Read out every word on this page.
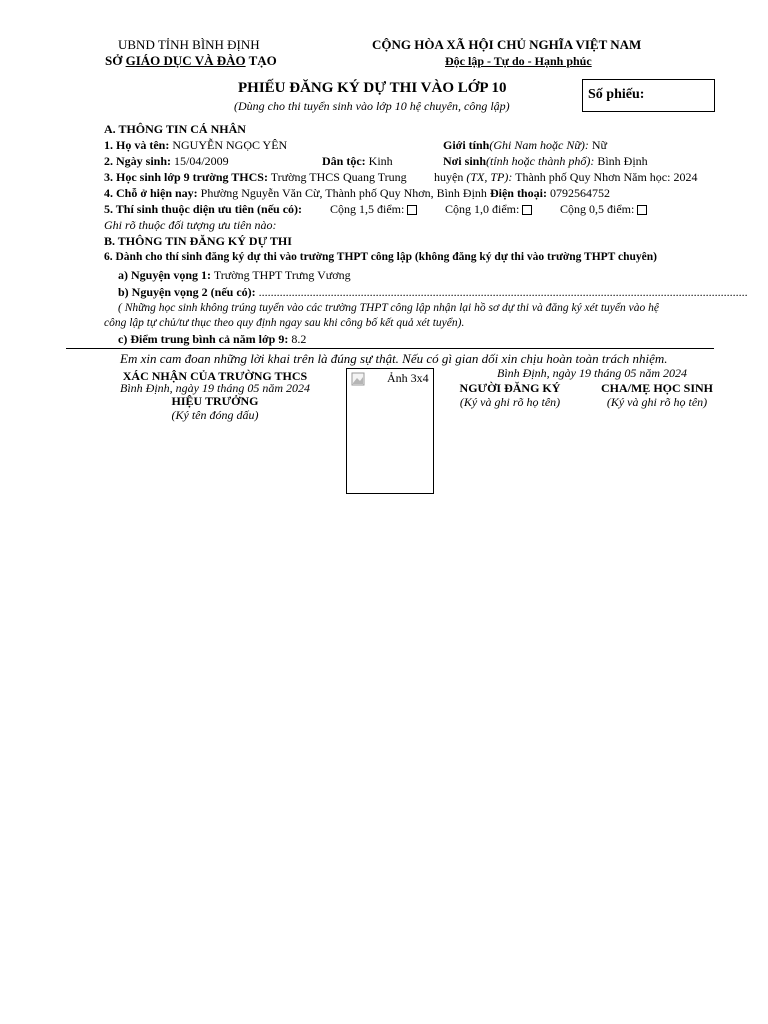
UBND TỈNH BÌNH ĐỊNH
SỞ GIÁO DỤC VÀ ĐÀO TẠO
CỘNG HÒA XÃ HỘI CHỦ NGHĨA VIỆT NAM
Độc lập - Tự do - Hạnh phúc
PHIẾU ĐĂNG KÝ DỰ THI VÀO LỚP 10
(Dùng cho thi tuyển sinh vào lớp 10 hệ chuyên, công lập)
Số phiếu:
A. THÔNG TIN CÁ NHÂN
1. Họ và tên: NGUYỄN NGỌC YÊN	Giới tính(Ghi Nam hoặc Nữ): Nữ
2. Ngày sinh: 15/04/2009	Dân tộc: Kinh	Nơi sinh(tỉnh hoặc thành phố): Bình Định
3. Học sinh lớp 9 trường THCS: Trường THCS Quang Trung huyện (TX, TP): Thành phố Quy Nhơn Năm học: 2024
4. Chỗ ở hiện nay: Phường Nguyễn Văn Cừ, Thành phố Quy Nhơn, Bình Định Điện thoại: 0792564752
5. Thí sinh thuộc diện ưu tiên (nếu có): Cộng 1,5 điểm:	Cộng 1,0 điểm:	Cộng 0,5 điểm:
Ghi rõ thuộc đối tượng ưu tiên nào:
B. THÔNG TIN ĐĂNG KÝ DỰ THI
6. Dành cho thí sinh đăng ký dự thi vào trường THPT công lập (không đăng ký dự thi vào trường THPT chuyên)
a) Nguyện vọng 1: Trường THPT Trưng Vương
b) Nguyện vọng 2 (nếu có): ...................................................................................................................................................................
( Những học sinh không trúng tuyển vào các trường THPT công lập nhận lại hồ sơ dự thi và đăng ký xét tuyển vào hệ
công lập tự chủ/tư thục theo quy định ngay sau khi công bố kết quả xét tuyển).
c) Điểm trung bình cả năm lớp 9: 8.2
Em xin cam đoan những lời khai trên là đúng sự thật. Nếu có gì gian dối xin chịu hoàn toàn trách nhiệm.
XÁC NHẬN CỦA TRƯỜNG THCS
Bình Định, ngày 19 tháng 05 năm 2024
HIỆU TRƯỞNG
(Ký tên đóng dấu)
Ảnh 3x4	Bình Định, ngày 19 tháng 05 năm 2024
NGƯỜI ĐĂNG KÝ
(Ký và ghi rõ họ tên)
CHA/MẸ HỌC SINH
(Ký và ghi rõ họ tên)
